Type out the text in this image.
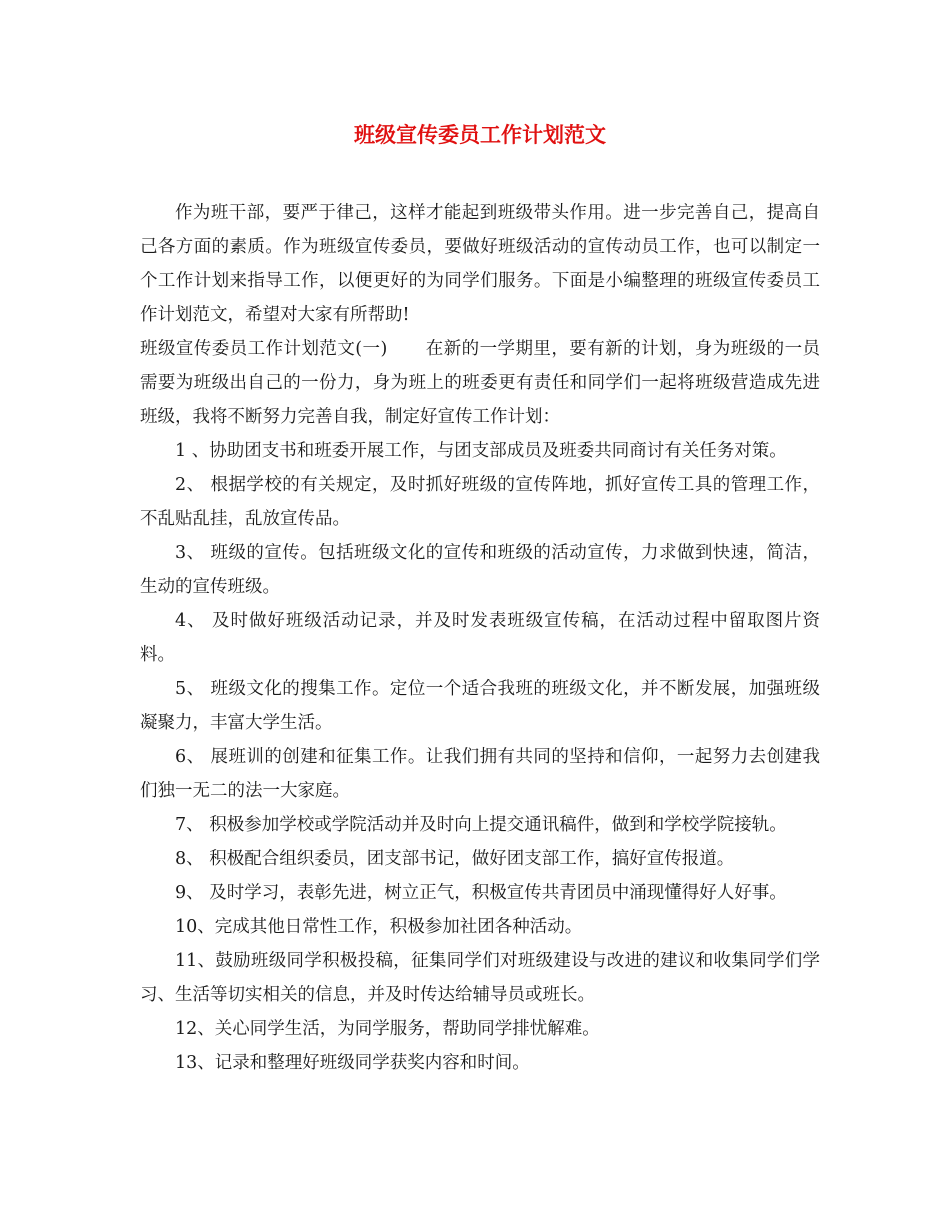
班级宣传委员工作计划范文

作为班干部，要严于律己，这样才能起到班级带头作用。进一步完善自己，提高自己各方面的素质。作为班级宣传委员，要做好班级活动的宣传动员工作，也可以制定一个工作计划来指导工作，以便更好的为同学们服务。下面是小编整理的班级宣传委员工作计划范文，希望对大家有所帮助!

班级宣传委员工作计划范文(一) 在新的一学期里，要有新的计划，身为班级的一员需要为班级出自己的一份力，身为班上的班委更有责任和同学们一起将班级营造成先进班级，我将不断努力完善自我，制定好宣传工作计划：

1 、协助团支书和班委开展工作，与团支部成员及班委共同商讨有关任务对策。

2、 根据学校的有关规定，及时抓好班级的宣传阵地，抓好宣传工具的管理工作，不乱贴乱挂，乱放宣传品。

3、 班级的宣传。包括班级文化的宣传和班级的活动宣传，力求做到快速，简洁，生动的宣传班级。

4、 及时做好班级活动记录，并及时发表班级宣传稿，在活动过程中留取图片资料。

5、 班级文化的搜集工作。定位一个适合我班的班级文化，并不断发展，加强班级凝聚力，丰富大学生活。

6、 展班训的创建和征集工作。让我们拥有共同的坚持和信仰，一起努力去创建我们独一无二的法一大家庭。

7、 积极参加学校或学院活动并及时向上提交通讯稿件，做到和学校学院接轨。

8、 积极配合组织委员，团支部书记，做好团支部工作，搞好宣传报道。

9、 及时学习，表彰先进，树立正气，积极宣传共青团员中涌现懂得好人好事。

10、完成其他日常性工作，积极参加社团各种活动。

11、鼓励班级同学积极投稿，征集同学们对班级建设与改进的建议和收集同学们学习、生活等切实相关的信息，并及时传达给辅导员或班长。

12、关心同学生活，为同学服务，帮助同学排忧解难。

13、记录和整理好班级同学获奖内容和时间。
